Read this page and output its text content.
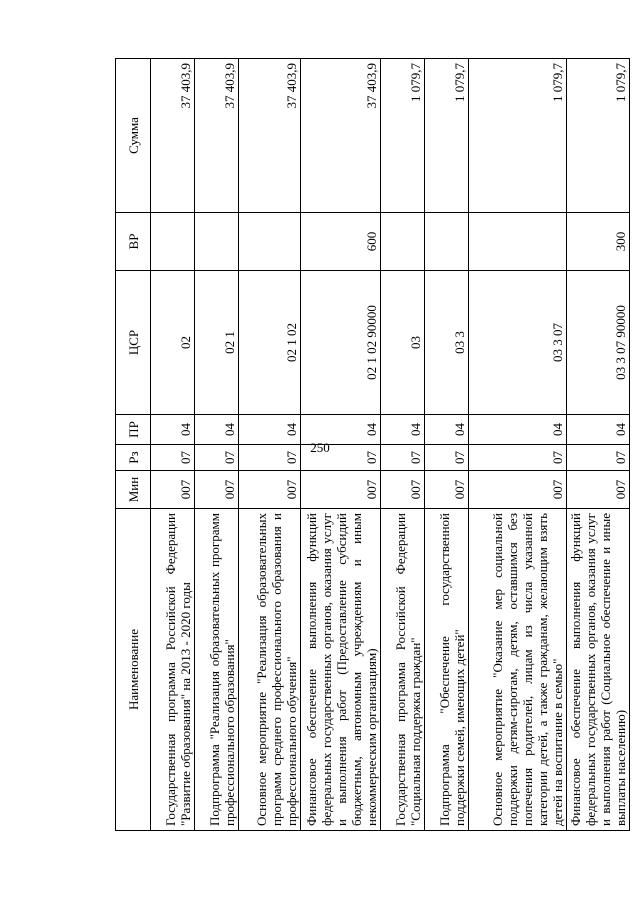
250
Наименование	Мин	Рз	ПР	ЦСР	ВР	Сумма
Государственная программа Российской Федерации "Развитие образования" на 2013 - 2020 годы	007	07	04	02		37 403,9
Подпрограмма "Реализация образовательных программ профессионального образования"	007	07	04	02 1		37 403,9
Основное мероприятие "Реализация образовательных программ среднего профессионального образования и профессионального обучения"	007	07	04	02 1 02		37 403,9
Финансовое обеспечение выполнения функций федеральных государственных органов, оказания услуг и выполнения работ (Предоставление субсидий бюджетным, автономным учреждениям и иным некоммерческим организациям)	007	07	04	02 1 02 90000	600	37 403,9
Государственная программа Российской Федерации "Социальная поддержка граждан"	007	07	04	03		1 079,7
Подпрограмма "Обеспечение государственной поддержки семей, имеющих детей"	007	07	04	03 3		1 079,7
Основное мероприятие "Оказание мер социальной поддержки детям-сиротам, детям, оставшимся без попечения родителей, лицам из числа указанной категории детей, а также гражданам, желающим взять детей на воспитание в семью"	007	07	04	03 3 07		1 079,7
Финансовое обеспечение выполнения функций федеральных государственных органов, оказания услуг и выполнения работ (Социальное обеспечение и иные выплаты населению)	007	07	04	03 3 07 90000	300	1 079,7
